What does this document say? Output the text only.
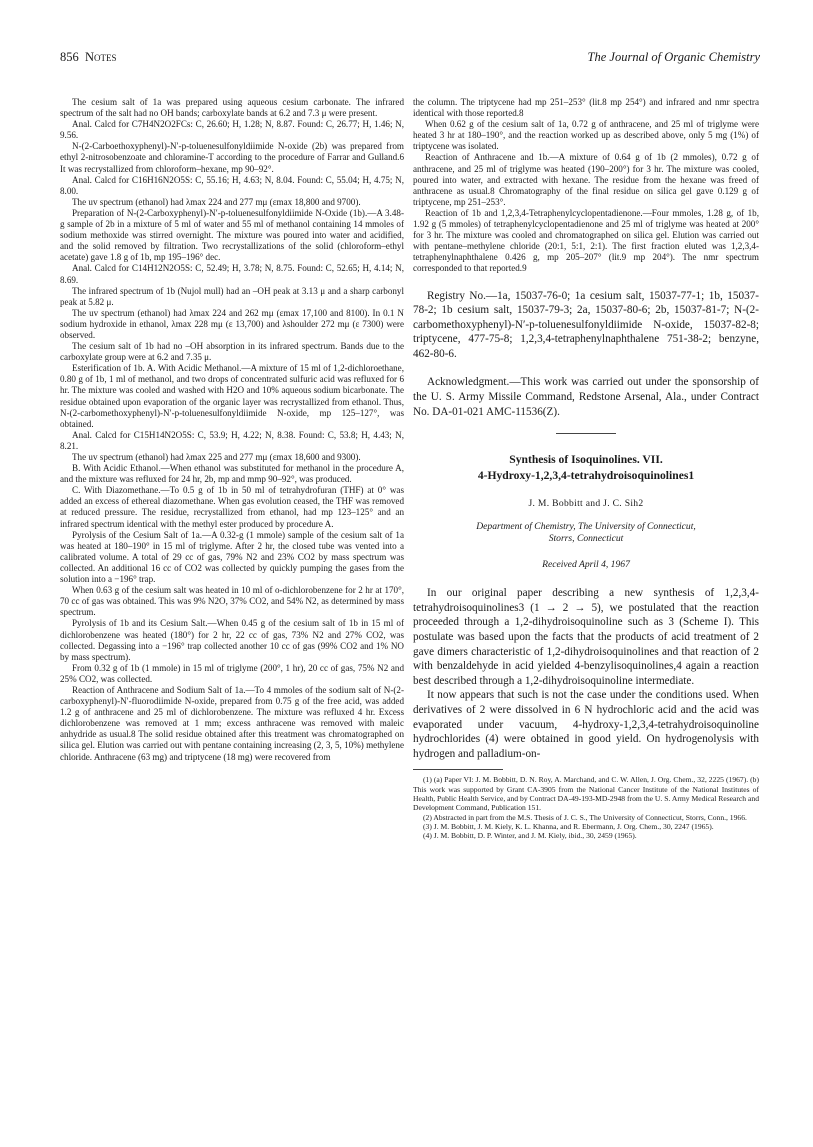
856 Notes	The Journal of Organic Chemistry

The cesium salt of 1a was prepared using aqueous cesium carbonate. The infrared spectrum of the salt had no OH bands; carboxylate bands at 6.2 and 7.3 μ were present.

Anal. Calcd for C7H4N2O2FCs: C, 26.60; H, 1.28; N, 8.87. Found: C, 26.77; H, 1.46; N, 9.56.

N-(2-Carboethoxyphenyl)-N′-p-toluenesulfonyldiimide N-oxide (2b) was prepared from ethyl 2-nitrosobenzoate and chloramine-T according to the procedure of Farrar and Gulland.6 It was recrystallized from chloroform–hexane, mp 90–92°.

Anal. Calcd for C16H16N2O5S: C, 55.16; H, 4.63; N, 8.04. Found: C, 55.04; H, 4.75; N, 8.00.

The uv spectrum (ethanol) had λmax 224 and 277 mμ (εmax 18,800 and 9700).

Preparation of N-(2-Carboxyphenyl)-N′-p-toluenesulfonyldiimide N-Oxide (1b).—A 3.48-g sample of 2b in a mixture of 5 ml of water and 55 ml of methanol containing 14 mmoles of sodium methoxide was stirred overnight. The mixture was poured into water and acidified, and the solid removed by filtration. Two recrystallizations of the solid (chloroform–ethyl acetate) gave 1.8 g of 1b, mp 195–196° dec.

Anal. Calcd for C14H12N2O5S: C, 52.49; H, 3.78; N, 8.75. Found: C, 52.65; H, 4.14; N, 8.69.

The infrared spectrum of 1b (Nujol mull) had an –OH peak at 3.13 μ and a sharp carbonyl peak at 5.82 μ.

The uv spectrum (ethanol) had λmax 224 and 262 mμ (εmax 17,100 and 8100). In 0.1 N sodium hydroxide in ethanol, λmax 228 mμ (ε 13,700) and λshoulder 272 mμ (ε 7300) were observed.

The cesium salt of 1b had no –OH absorption in its infrared spectrum. Bands due to the carboxylate group were at 6.2 and 7.35 μ.

Esterification of 1b. A. With Acidic Methanol.—A mixture of 15 ml of 1,2-dichloroethane, 0.80 g of 1b, 1 ml of methanol, and two drops of concentrated sulfuric acid was refluxed for 6 hr. The mixture was cooled and washed with H2O and 10% aqueous sodium bicarbonate. The residue obtained upon evaporation of the organic layer was recrystallized from ethanol. Thus, N-(2-carbomethoxyphenyl)-N′-p-toluenesulfonyldiimide N-oxide, mp 125–127°, was obtained.

Anal. Calcd for C15H14N2O5S: C, 53.9; H, 4.22; N, 8.38. Found: C, 53.8; H, 4.43; N, 8.21.

The uv spectrum (ethanol) had λmax 225 and 277 mμ (εmax 18,600 and 9300).

B. With Acidic Ethanol.—When ethanol was substituted for methanol in the procedure A, and the mixture was refluxed for 24 hr, 2b, mp and mmp 90–92°, was produced.

C. With Diazomethane.—To 0.5 g of 1b in 50 ml of tetrahydrofuran (THF) at 0° was added an excess of ethereal diazomethane. When gas evolution ceased, the THF was removed at reduced pressure. The residue, recrystallized from ethanol, had mp 123–125° and an infrared spectrum identical with the methyl ester produced by procedure A.

Pyrolysis of the Cesium Salt of 1a.—A 0.32-g (1 mmole) sample of the cesium salt of 1a was heated at 180–190° in 15 ml of triglyme. After 2 hr, the closed tube was vented into a calibrated volume. A total of 29 cc of gas, 79% N2 and 23% CO2 by mass spectrum was collected. An additional 16 cc of CO2 was collected by quickly pumping the gases from the solution into a −196° trap.

When 0.63 g of the cesium salt was heated in 10 ml of o-dichlorobenzene for 2 hr at 170°, 70 cc of gas was obtained. This was 9% N2O, 37% CO2, and 54% N2, as determined by mass spectrum.

Pyrolysis of 1b and its Cesium Salt.—When 0.45 g of the cesium salt of 1b in 15 ml of dichlorobenzene was heated (180°) for 2 hr, 22 cc of gas, 73% N2 and 27% CO2, was collected. Degassing into a −196° trap collected another 10 cc of gas (99% CO2 and 1% NO by mass spectrum).

From 0.32 g of 1b (1 mmole) in 15 ml of triglyme (200°, 1 hr), 20 cc of gas, 75% N2 and 25% CO2, was collected.

Reaction of Anthracene and Sodium Salt of 1a.—To 4 mmoles of the sodium salt of N-(2-carboxyphenyl)-N′-fluorodiimide N-oxide, prepared from 0.75 g of the free acid, was added 1.2 g of anthracene and 25 ml of dichlorobenzene. The mixture was refluxed 4 hr. Excess dichlorobenzene was removed at 1 mm; excess anthracene was removed with maleic anhydride as usual.8 The solid residue obtained after this treatment was chromatographed on silica gel. Elution was carried out with pentane containing increasing (2, 3, 5, 10%) methylene chloride. Anthracene (63 mg) and triptycene (18 mg) were recovered from

the column. The triptycene had mp 251–253° (lit.8 mp 254°) and infrared and nmr spectra identical with those reported.8

When 0.62 g of the cesium salt of 1a, 0.72 g of anthracene, and 25 ml of triglyme were heated 3 hr at 180–190°, and the reaction worked up as described above, only 5 mg (1%) of triptycene was isolated.

Reaction of Anthracene and 1b.—A mixture of 0.64 g of 1b (2 mmoles), 0.72 g of anthracene, and 25 ml of triglyme was heated (190–200°) for 3 hr. The mixture was cooled, poured into water, and extracted with hexane. The residue from the hexane was freed of anthracene as usual.8 Chromatography of the final residue on silica gel gave 0.129 g of triptycene, mp 251–253°.

Reaction of 1b and 1,2,3,4-Tetraphenylcyclopentadienone.—Four mmoles, 1.28 g, of 1b, 1.92 g (5 mmoles) of tetraphenylcyclopentadienone and 25 ml of triglyme was heated at 200° for 3 hr. The mixture was cooled and chromatographed on silica gel. Elution was carried out with pentane–methylene chloride (20:1, 5:1, 2:1). The first fraction eluted was 1,2,3,4-tetraphenylnaphthalene 0.426 g, mp 205–207° (lit.9 mp 204°). The nmr spectrum corresponded to that reported.9

Registry No.—1a, 15037-76-0; 1a cesium salt, 15037-77-1; 1b, 15037-78-2; 1b cesium salt, 15037-79-3; 2a, 15037-80-6; 2b, 15037-81-7; N-(2-carbomethoxyphenyl)-N′-p-toluenesulfonyldiimide N-oxide, 15037-82-8; triptycene, 477-75-8; 1,2,3,4-tetraphenylnaphthalene 751-38-2; benzyne, 462-80-6.

Acknowledgment.—This work was carried out under the sponsorship of the U. S. Army Missile Command, Redstone Arsenal, Ala., under Contract No. DA-01-021 AMC-11536(Z).

Synthesis of Isoquinolines. VII.

4-Hydroxy-1,2,3,4-tetrahydroisoquinolines1

J. M. Bobbitt and J. C. Sih2

Department of Chemistry, The University of Connecticut,

Storrs, Connecticut

Received April 4, 1967

In our original paper describing a new synthesis of 1,2,3,4-tetrahydroisoquinolines3 (1 → 2 → 5), we postulated that the reaction proceeded through a 1,2-dihydroisoquinoline such as 3 (Scheme I). This postulate was based upon the facts that the products of acid treatment of 2 gave dimers characteristic of 1,2-dihydroisoquinolines and that reaction of 2 with benzaldehyde in acid yielded 4-benzylisoquinolines,4 again a reaction best described through a 1,2-dihydroisoquinoline intermediate.

It now appears that such is not the case under the conditions used. When derivatives of 2 were dissolved in 6 N hydrochloric acid and the acid was evaporated under vacuum, 4-hydroxy-1,2,3,4-tetrahydroisoquinoline hydrochlorides (4) were obtained in good yield. On hydrogenolysis with hydrogen and palladium-on-

(1) (a) Paper VI: J. M. Bobbitt, D. N. Roy, A. Marchand, and C. W. Allen, J. Org. Chem., 32, 2225 (1967). (b) This work was supported by Grant CA-3905 from the National Cancer Institute of the National Institutes of Health, Public Health Service, and by Contract DA-49-193-MD-2948 from the U. S. Army Medical Research and Development Command, Publication 151.

(2) Abstracted in part from the M.S. Thesis of J. C. S., The University of Connecticut, Storrs, Conn., 1966.

(3) J. M. Bobbitt, J. M. Kiely, K. L. Khanna, and R. Ebermann, J. Org. Chem., 30, 2247 (1965).

(4) J. M. Bobbitt, D. P. Winter, and J. M. Kiely, ibid., 30, 2459 (1965).
